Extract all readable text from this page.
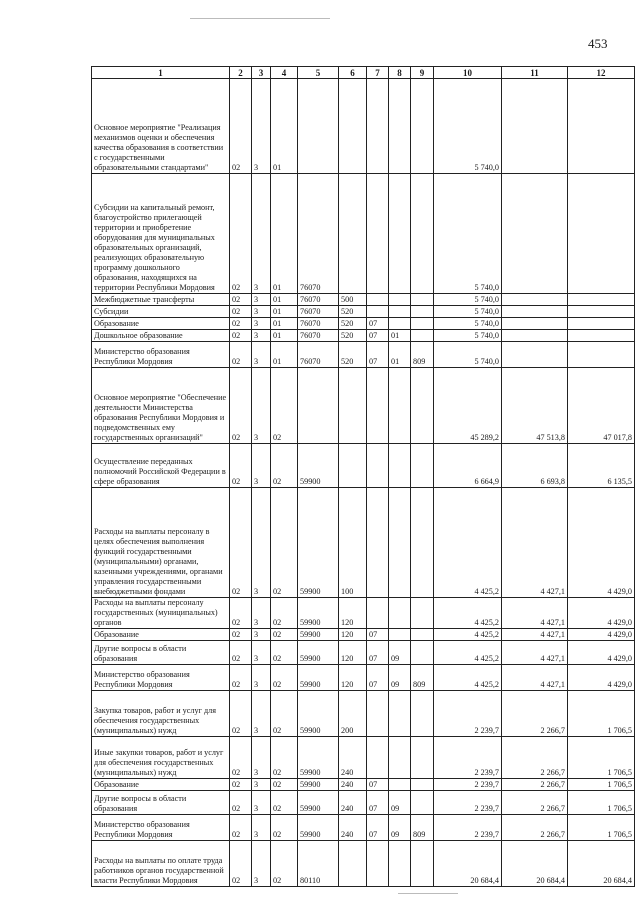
453
1	2	3	4	5	6	7	8	9	10	11	12
Основное мероприятие "Реализация механизмов оценки и обеспечения качества образования в соответствии с государственными образовательными стандартами"	02	3	01						5 740,0		
Субсидии на капитальный ремонт, благоустройство прилегающей территории и приобретение оборудования для муниципальных образовательных организаций, реализующих образовательную программу дошкольного образования, находящихся на территории Республики Мордовия	02	3	01	76070					5 740,0		
Межбюджетные трансферты	02	3	01	76070	500				5 740,0		
Субсидии	02	3	01	76070	520				5 740,0		
Образование	02	3	01	76070	520	07			5 740,0		
Дошкольное образование	02	3	01	76070	520	07	01		5 740,0		
Министерство образования Республики Мордовия	02	3	01	76070	520	07	01	809	5 740,0		
Основное мероприятие "Обеспечение деятельности Министерства образования Республики Мордовия и подведомственных ему государственных организаций"	02	3	02						45 289,2	47 513,8	47 017,8
Осуществление переданных полномочий Российской Федерации в сфере образования	02	3	02	59900					6 664,9	6 693,8	6 135,5
Расходы на выплаты персоналу в целях обеспечения выполнения функций государственными (муниципальными) органами, казенными учреждениями, органами управления государственными внебюджетными фондами	02	3	02	59900	100				4 425,2	4 427,1	4 429,0
Расходы на выплаты персоналу государственных (муниципальных) органов	02	3	02	59900	120				4 425,2	4 427,1	4 429,0
Образование	02	3	02	59900	120	07			4 425,2	4 427,1	4 429,0
Другие вопросы в области образования	02	3	02	59900	120	07	09		4 425,2	4 427,1	4 429,0
Министерство образования Республики Мордовия	02	3	02	59900	120	07	09	809	4 425,2	4 427,1	4 429,0
Закупка товаров, работ и услуг для обеспечения государственных (муниципальных) нужд	02	3	02	59900	200				2 239,7	2 266,7	1 706,5
Иные закупки товаров, работ и услуг для обеспечения государственных (муниципальных) нужд	02	3	02	59900	240				2 239,7	2 266,7	1 706,5
Образование	02	3	02	59900	240	07			2 239,7	2 266,7	1 706,5
Другие вопросы в области образования	02	3	02	59900	240	07	09		2 239,7	2 266,7	1 706,5
Министерство образования Республики Мордовия	02	3	02	59900	240	07	09	809	2 239,7	2 266,7	1 706,5
Расходы на выплаты по оплате труда работников органов государственной власти Республики Мордовия	02	3	02	80110					20 684,4	20 684,4	20 684,4
